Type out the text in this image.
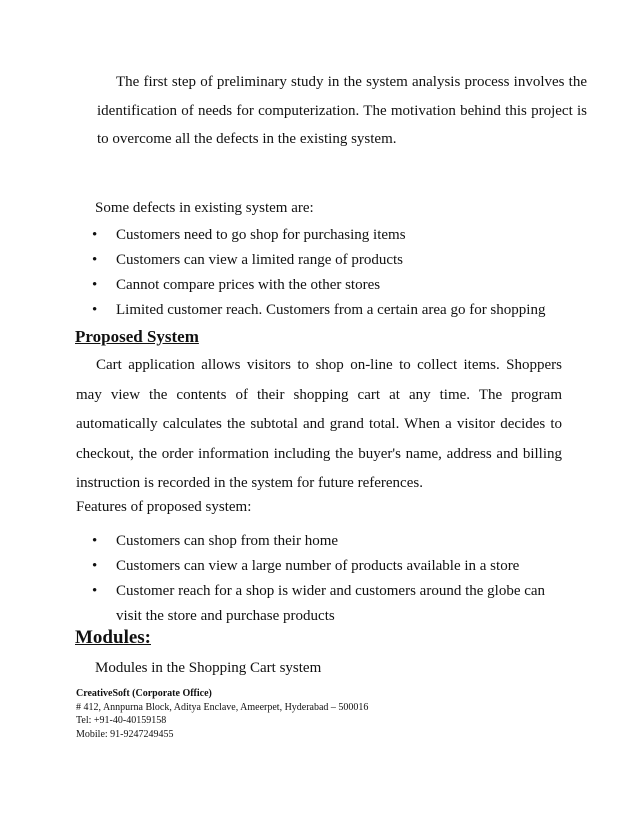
The first step of preliminary study in the system analysis process involves the identification of needs for computerization. The motivation behind this project is to overcome all the defects in the existing system.

Some defects in existing system are:

• Customers need to go shop for purchasing items
• Customers can view a limited range of products
• Cannot compare prices with the other stores
• Limited customer reach. Customers from a certain area go for shopping
Proposed System

Cart application allows visitors to shop on-line to collect items. Shoppers may view the contents of their shopping cart at any time. The program automatically calculates the subtotal and grand total. When a visitor decides to checkout, the order information including the buyer's name, address and billing instruction is recorded in the system for future references.

Features of proposed system:

• Customers can shop from their home
• Customers can view a large number of products available in a store
• Customer reach for a shop is wider and customers around the globe can visit the store and purchase products
Modules:

Modules in the Shopping Cart system

CreativeSoft (Corporate Office)
# 412, Annpurna Block, Aditya Enclave, Ameerpet, Hyderabad – 500016
Tel: +91-40-40159158
Mobile: 91-9247249455
